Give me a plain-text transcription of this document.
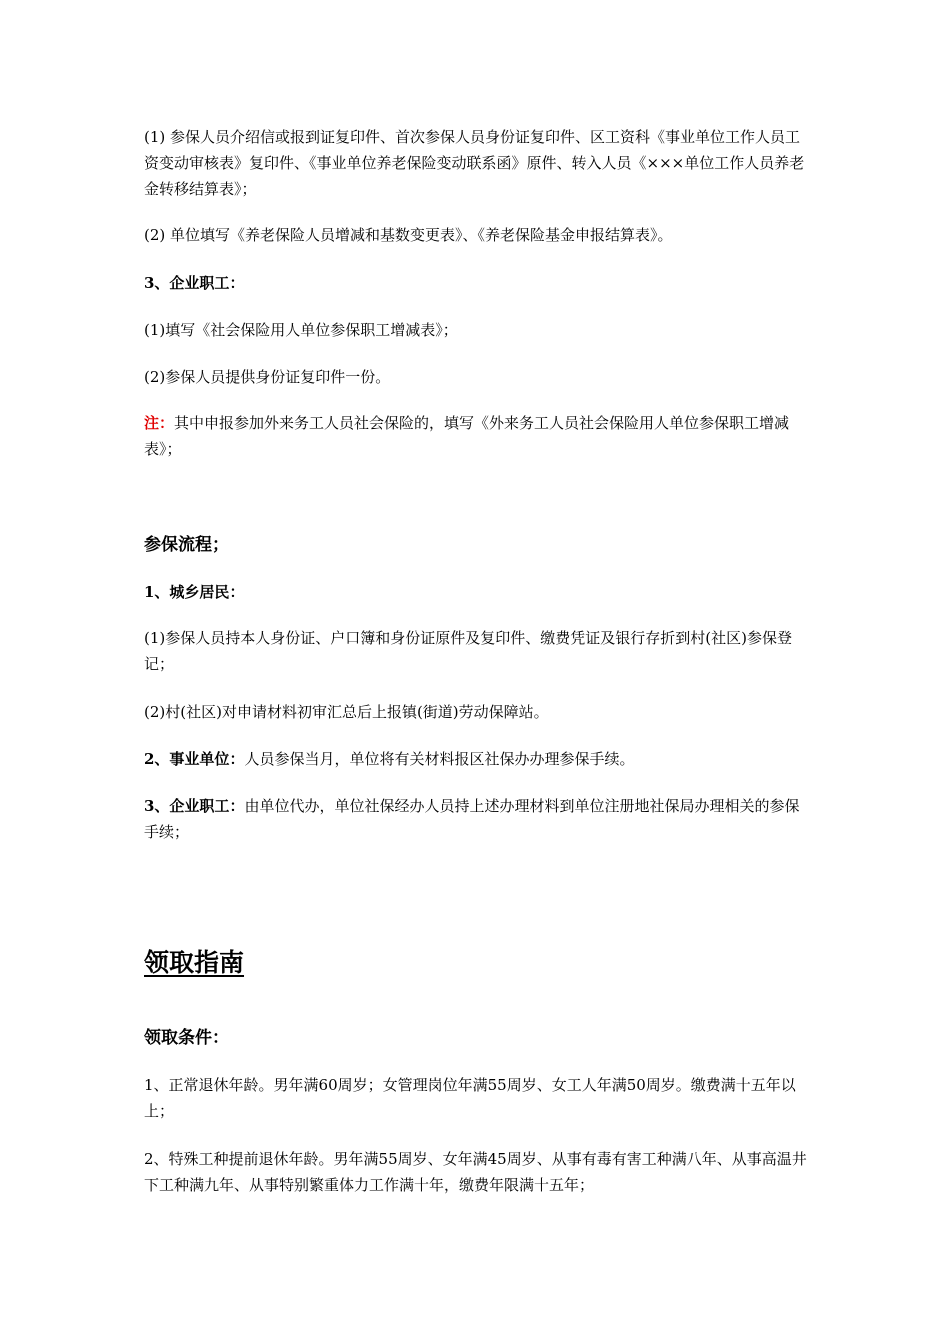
(1) 参保人员介绍信或报到证复印件、首次参保人员身份证复印件、区工资科《事业单位工作人员工资变动审核表》复印件、《事业单位养老保险变动联系函》原件、转入人员《×××单位工作人员养老金转移结算表》；

(2) 单位填写《养老保险人员增减和基数变更表》、《养老保险基金申报结算表》。

3、企业职工：

(1)填写《社会保险用人单位参保职工增减表》；

(2)参保人员提供身份证复印件一份。

注：其中申报参加外来务工人员社会保险的，填写《外来务工人员社会保险用人单位参保职工增减表》；

参保流程；

1、城乡居民：

(1)参保人员持本人身份证、户口簿和身份证原件及复印件、缴费凭证及银行存折到村(社区)参保登记；

(2)村(社区)对申请材料初审汇总后上报镇(街道)劳动保障站。

2、事业单位：人员参保当月，单位将有关材料报区社保办办理参保手续。

3、企业职工：由单位代办，单位社保经办人员持上述办理材料到单位注册地社保局办理相关的参保手续；

领取指南

领取条件：

1、正常退休年龄。男年满60周岁；女管理岗位年满55周岁、女工人年满50周岁。缴费满十五年以上；

2、特殊工种提前退休年龄。男年满55周岁、女年满45周岁、从事有毒有害工种满八年、从事高温井下工种满九年、从事特别繁重体力工作满十年，缴费年限满十五年；
